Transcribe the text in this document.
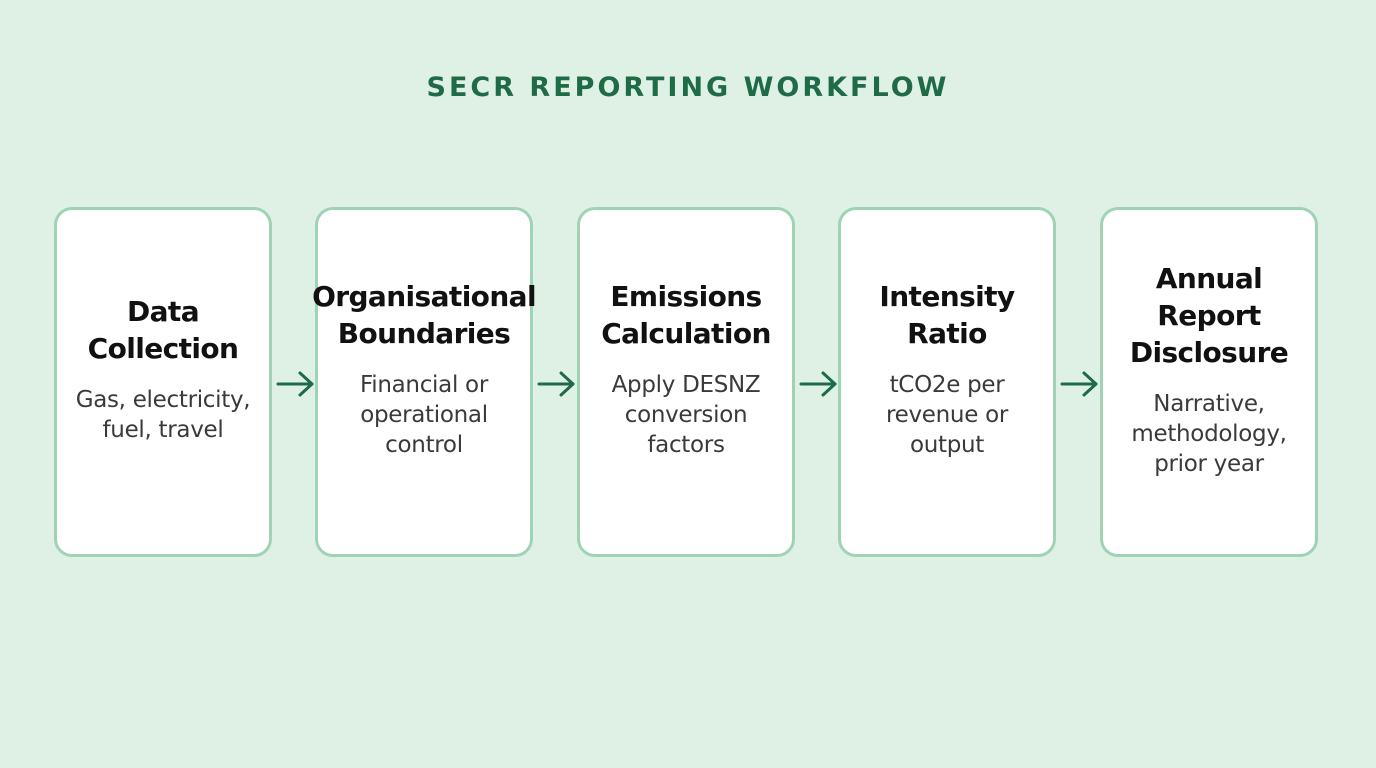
SECR REPORTING WORKFLOW
Data
Collection
Gas, electricity,
fuel, travel
Organisational
Boundaries
Financial or
operational
control
Emissions
Calculation
Apply DESNZ
conversion
factors
Intensity
Ratio
tCO2e per
revenue or
output
Annual
Report
Disclosure
Narrative,
methodology,
prior year
